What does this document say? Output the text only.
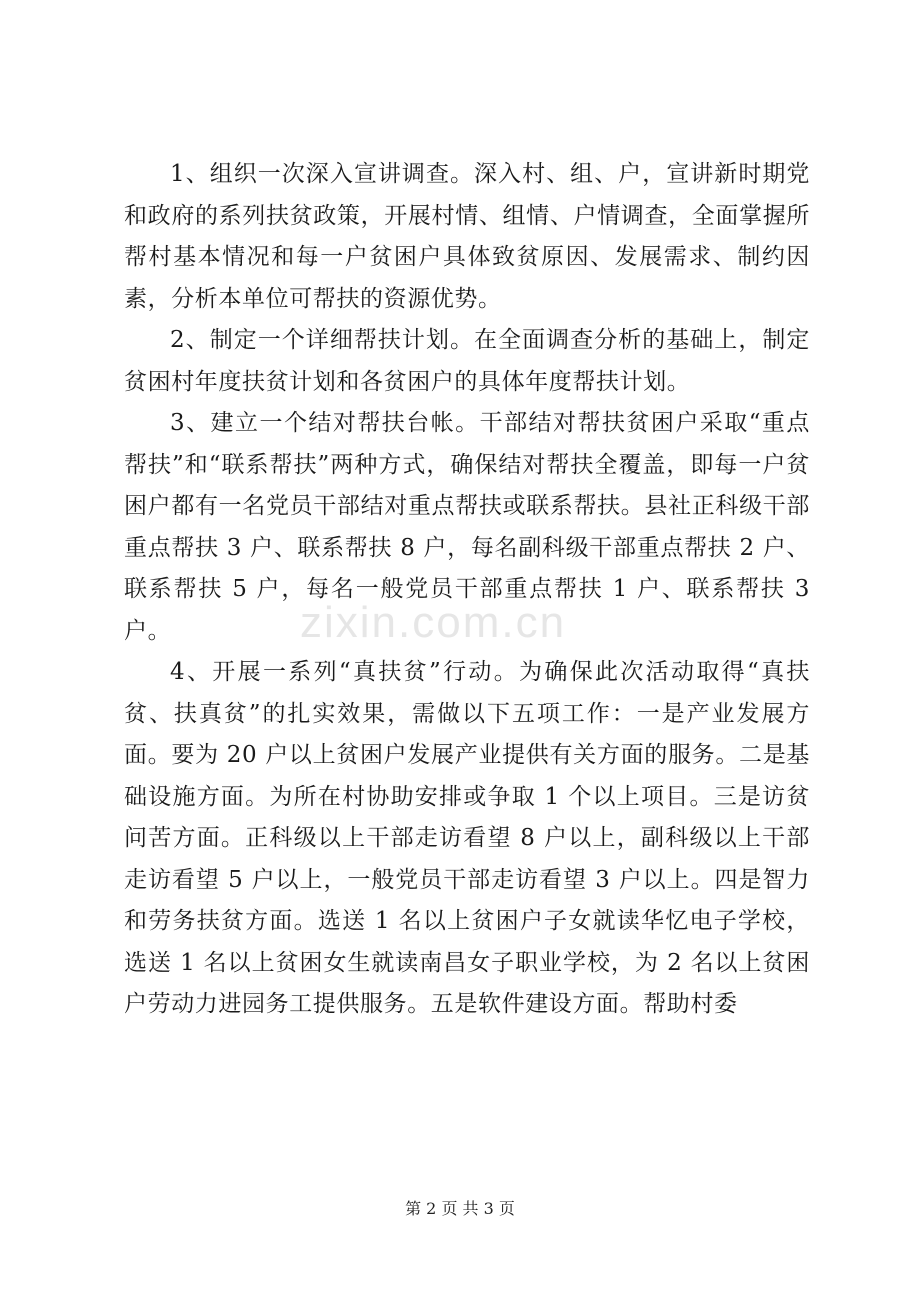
zixin.com.cn

1、组织一次深入宣讲调查。深入村、组、户，宣讲新时期党和政府的系列扶贫政策，开展村情、组情、户情调查，全面掌握所帮村基本情况和每一户贫困户具体致贫原因、发展需求、制约因素，分析本单位可帮扶的资源优势。

2、制定一个详细帮扶计划。在全面调查分析的基础上，制定贫困村年度扶贫计划和各贫困户的具体年度帮扶计划。

3、建立一个结对帮扶台帐。干部结对帮扶贫困户采取“重点帮扶”和“联系帮扶”两种方式，确保结对帮扶全覆盖，即每一户贫困户都有一名党员干部结对重点帮扶或联系帮扶。县社正科级干部重点帮扶 3 户、联系帮扶 8 户，每名副科级干部重点帮扶 2 户、联系帮扶 5 户，每名一般党员干部重点帮扶 1 户、联系帮扶 3 户。

4、开展一系列“真扶贫”行动。为确保此次活动取得“真扶贫、扶真贫”的扎实效果，需做以下五项工作：一是产业发展方面。要为 20 户以上贫困户发展产业提供有关方面的服务。二是基础设施方面。为所在村协助安排或争取 1 个以上项目。三是访贫问苦方面。正科级以上干部走访看望 8 户以上，副科级以上干部走访看望 5 户以上，一般党员干部走访看望 3 户以上。四是智力和劳务扶贫方面。选送 1 名以上贫困户子女就读华忆电子学校，选送 1 名以上贫困女生就读南昌女子职业学校，为 2 名以上贫困户劳动力进园务工提供服务。五是软件建设方面。帮助村委

第 2 页 共 3 页
